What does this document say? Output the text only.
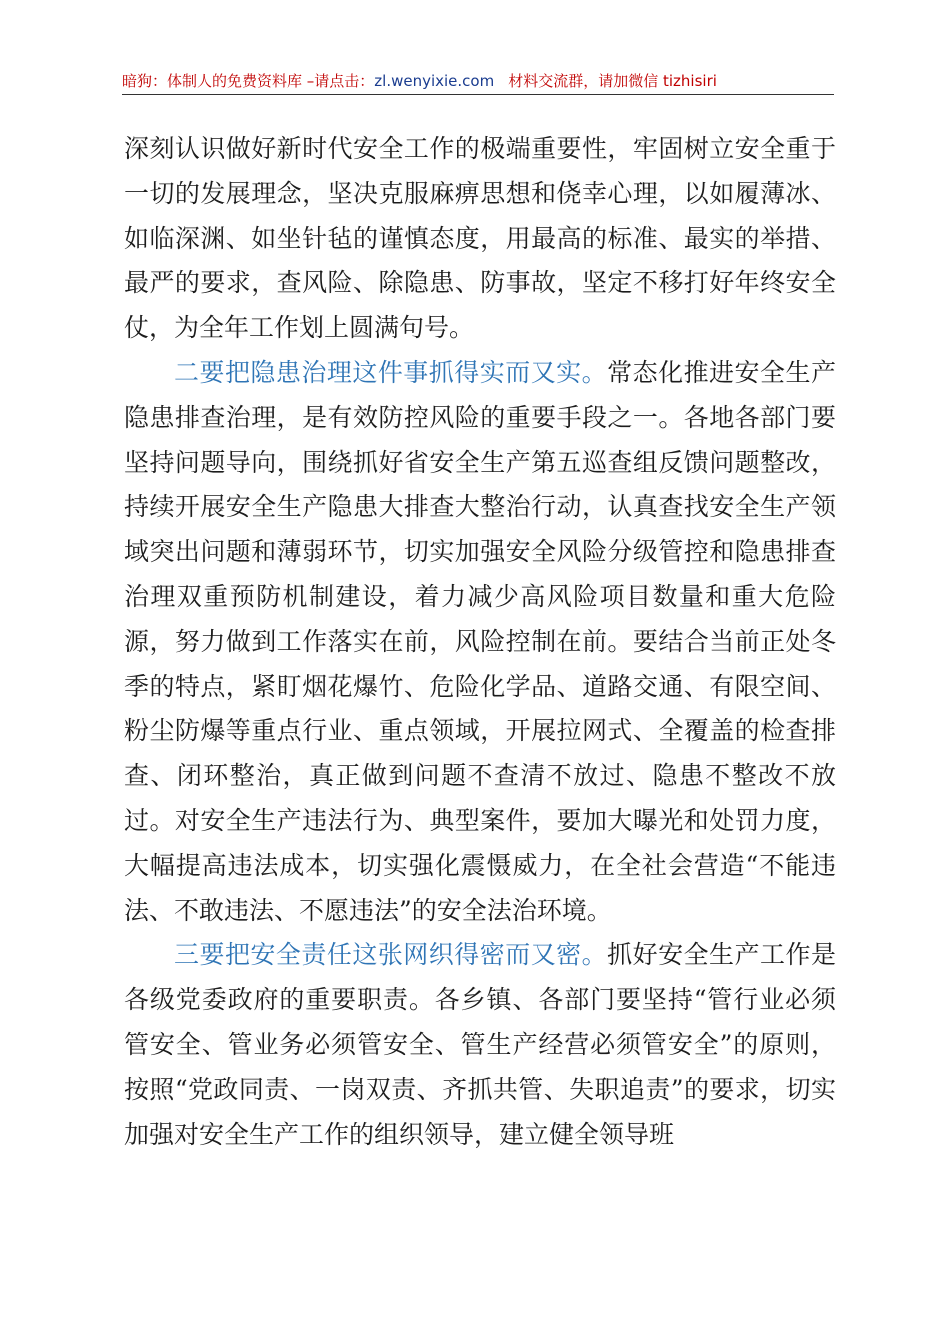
暗狗：体制人的免费资料库 –请点击：zl.wenyixie.com 材料交流群，请加微信 tizhisiri

深刻认识做好新时代安全工作的极端重要性，牢固树立安全重于一切的发展理念，坚决克服麻痹思想和侥幸心理，以如履薄冰、如临深渊、如坐针毡的谨慎态度，用最高的标准、最实的举措、最严的要求，查风险、除隐患、防事故，坚定不移打好年终安全仗，为全年工作划上圆满句号。

二要把隐患治理这件事抓得实而又实。常态化推进安全生产隐患排查治理，是有效防控风险的重要手段之一。各地各部门要坚持问题导向，围绕抓好省安全生产第五巡查组反馈问题整改，持续开展安全生产隐患大排查大整治行动，认真查找安全生产领域突出问题和薄弱环节，切实加强安全风险分级管控和隐患排查治理双重预防机制建设，着力减少高风险项目数量和重大危险源，努力做到工作落实在前，风险控制在前。要结合当前正处冬季的特点，紧盯烟花爆竹、危险化学品、道路交通、有限空间、粉尘防爆等重点行业、重点领域，开展拉网式、全覆盖的检查排查、闭环整治，真正做到问题不查清不放过、隐患不整改不放过。对安全生产违法行为、典型案件，要加大曝光和处罚力度，大幅提高违法成本，切实强化震慑威力，在全社会营造“不能违法、不敢违法、不愿违法”的安全法治环境。

三要把安全责任这张网织得密而又密。抓好安全生产工作是各级党委政府的重要职责。各乡镇、各部门要坚持“管行业必须管安全、管业务必须管安全、管生产经营必须管安全”的原则，按照“党政同责、一岗双责、齐抓共管、失职追责”的要求，切实加强对安全生产工作的组织领导，建立健全领导班
